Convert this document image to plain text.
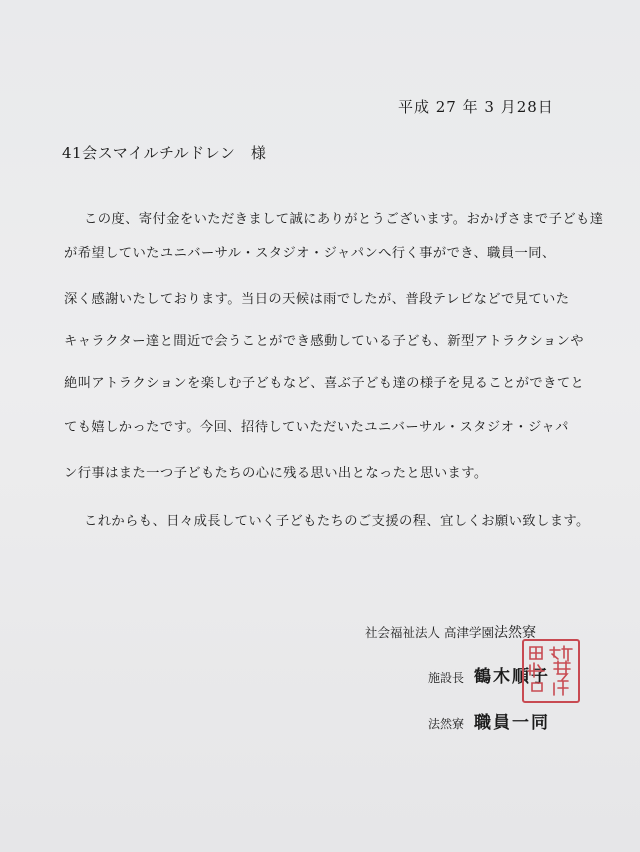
平成 27 年 3 月28日
41会スマイルチルドレン　様
この度、寄付金をいただきまして誠にありがとうございます。おかげさまで子ども達
が希望していたユニバーサル・スタジオ・ジャパンへ行く事ができ、職員一同、
深く感謝いたしております。当日の天候は雨でしたが、普段テレビなどで見ていた
キャラクター達と間近で会うことができ感動している子ども、新型アトラクションや
絶叫アトラクションを楽しむ子どもなど、喜ぶ子ども達の様子を見ることができてと
ても嬉しかったです。今回、招待していただいたユニバーサル・スタジオ・ジャパ
ン行事はまた一つ子どもたちの心に残る思い出となったと思います。
これからも、日々成長していく子どもたちのご支援の程、宜しくお願い致します。
社会福祉法人 高津学園法然寮
施設長 鶴木順子
法然寮 職員一同
